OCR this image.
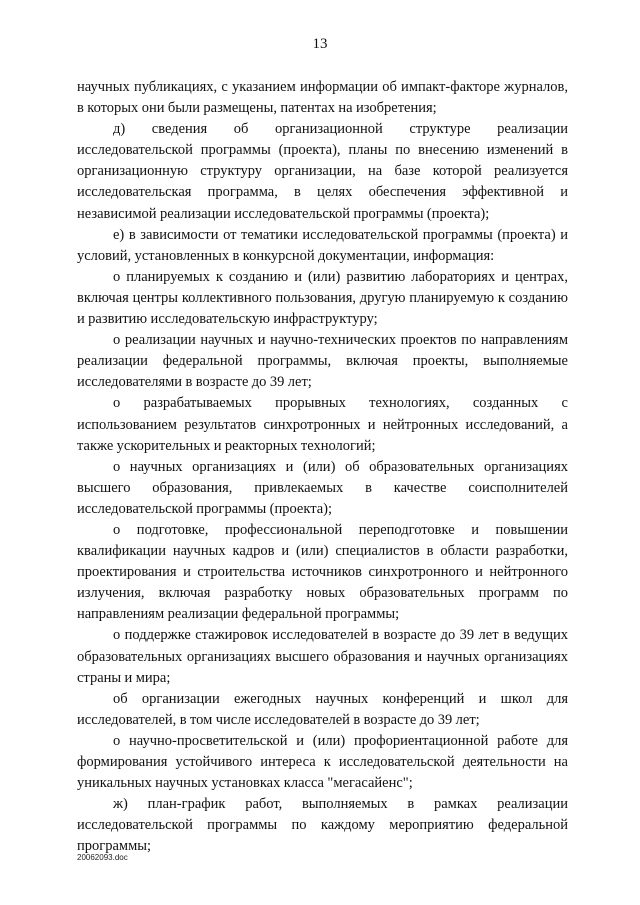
13

научных публикациях, с указанием информации об импакт-факторе журналов, в которых они были размещены, патентах на изобретения;

д) сведения об организационной структуре реализации исследовательской программы (проекта), планы по внесению изменений в организационную структуру организации, на базе которой реализуется исследовательская программа, в целях обеспечения эффективной и независимой реализации исследовательской программы (проекта);

е) в зависимости от тематики исследовательской программы (проекта) и условий, установленных в конкурсной документации, информация:

о планируемых к созданию и (или) развитию лабораториях и центрах, включая центры коллективного пользования, другую планируемую к созданию и развитию исследовательскую инфраструктуру;

о реализации научных и научно-технических проектов по направлениям реализации федеральной программы, включая проекты, выполняемые исследователями в возрасте до 39 лет;

о разрабатываемых прорывных технологиях, созданных с использованием результатов синхротронных и нейтронных исследований, а также ускорительных и реакторных технологий;

о научных организациях и (или) об образовательных организациях высшего образования, привлекаемых в качестве соисполнителей исследовательской программы (проекта);

о подготовке, профессиональной переподготовке и повышении квалификации научных кадров и (или) специалистов в области разработки, проектирования и строительства источников синхротронного и нейтронного излучения, включая разработку новых образовательных программ по направлениям реализации федеральной программы;

о поддержке стажировок исследователей в возрасте до 39 лет в ведущих образовательных организациях высшего образования и научных организациях страны и мира;

об организации ежегодных научных конференций и школ для исследователей, в том числе исследователей в возрасте до 39 лет;

о научно-просветительской и (или) профориентационной работе для формирования устойчивого интереса к исследовательской деятельности на уникальных научных установках класса "мегасайенс";

ж) план-график работ, выполняемых в рамках реализации исследовательской программы по каждому мероприятию федеральной программы;

20062093.doc
